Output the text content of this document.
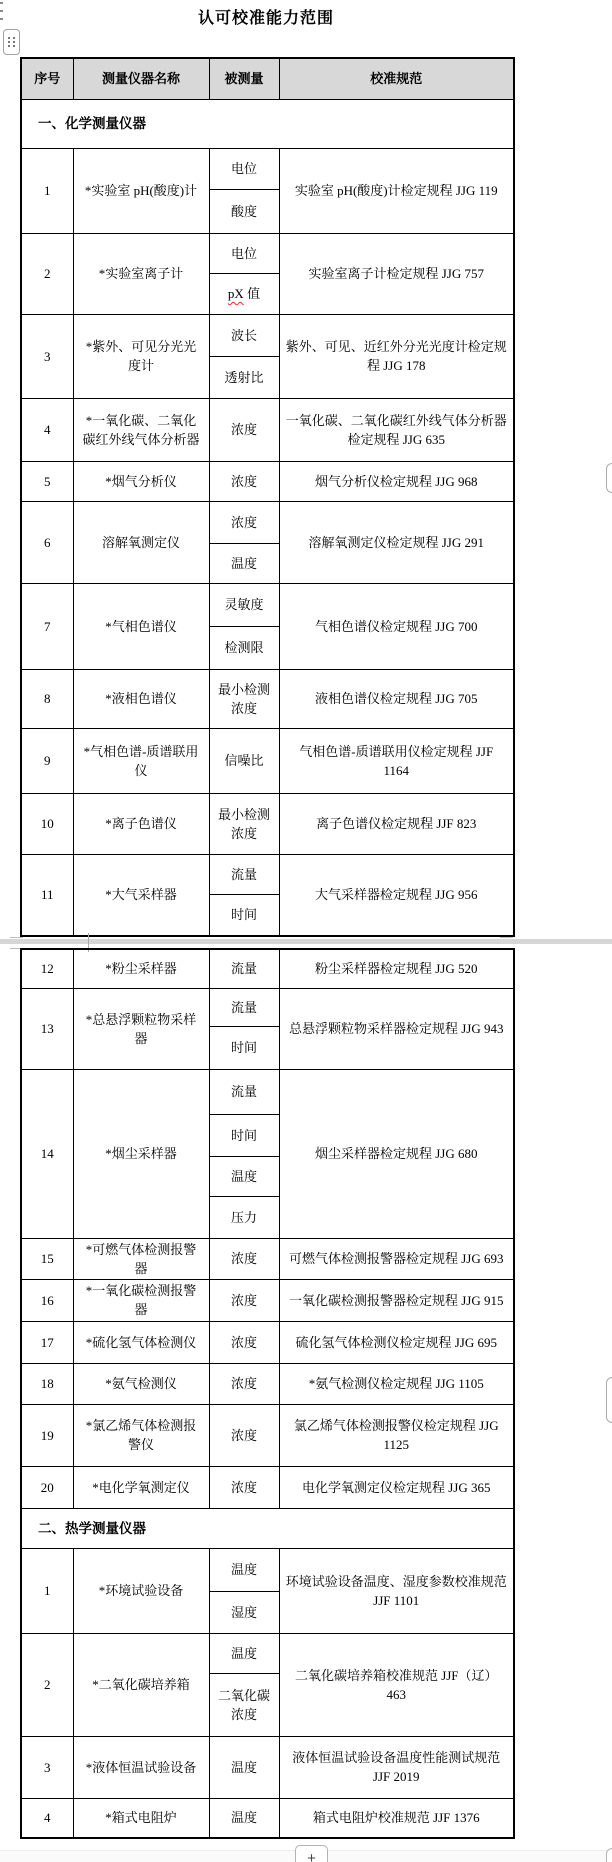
认可校准能力范围
序号	测量仪器名称	被测量	校准规范
一、化学测量仪器			
1	*实验室 pH(酸度)计	电位	实验室 pH(酸度)计检定规程 JJG 119
		酸度	
2	*实验室离子计	电位	实验室离子计检定规程 JJG 757
		pX 值	
3	*紫外、可见分光光度计	波长	紫外、可见、近红外分光光度计检定规程 JJG 178
		透射比	
4	*一氧化碳、二氧化碳红外线气体分析器	浓度	一氧化碳、二氧化碳红外线气体分析器检定规程 JJG 635
5	*烟气分析仪	浓度	烟气分析仪检定规程 JJG 968
6	溶解氧测定仪	浓度	溶解氧测定仪检定规程 JJG 291
		温度	
7	*气相色谱仪	灵敏度	气相色谱仪检定规程 JJG 700
		检测限	
8	*液相色谱仪	最小检测浓度	液相色谱仪检定规程 JJG 705
9	*气相色谱-质谱联用仪	信噪比	气相色谱-质谱联用仪检定规程 JJF 1164
10	*离子色谱仪	最小检测浓度	离子色谱仪检定规程 JJF 823
11	*大气采样器	流量	大气采样器检定规程 JJG 956
		时间	
12	*粉尘采样器	流量	粉尘采样器检定规程 JJG 520
13	*总悬浮颗粒物采样器	流量	总悬浮颗粒物采样器检定规程 JJG 943
		时间	
14	*烟尘采样器	流量	烟尘采样器检定规程 JJG 680
		时间	
		温度	
		压力	
15	*可燃气体检测报警器	浓度	可燃气体检测报警器检定规程 JJG 693
16	*一氧化碳检测报警器	浓度	一氧化碳检测报警器检定规程 JJG 915
17	*硫化氢气体检测仪	浓度	硫化氢气体检测仪检定规程 JJG 695
18	*氨气检测仪	浓度	*氨气检测仪检定规程 JJG 1105
19	*氯乙烯气体检测报警仪	浓度	氯乙烯气体检测报警仪检定规程 JJG 1125
20	*电化学氧测定仪	浓度	电化学氧测定仪检定规程 JJG 365
二、热学测量仪器			
1	*环境试验设备	温度	环境试验设备温度、湿度参数校准规范 JJF 1101
		湿度	
2	*二氧化碳培养箱	温度	二氧化碳培养箱校准规范 JJF（辽）463
		二氧化碳浓度	
3	*液体恒温试验设备	温度	液体恒温试验设备温度性能测试规范 JJF 2019
4	*箱式电阻炉	温度	箱式电阻炉校准规范 JJF 1376
+
